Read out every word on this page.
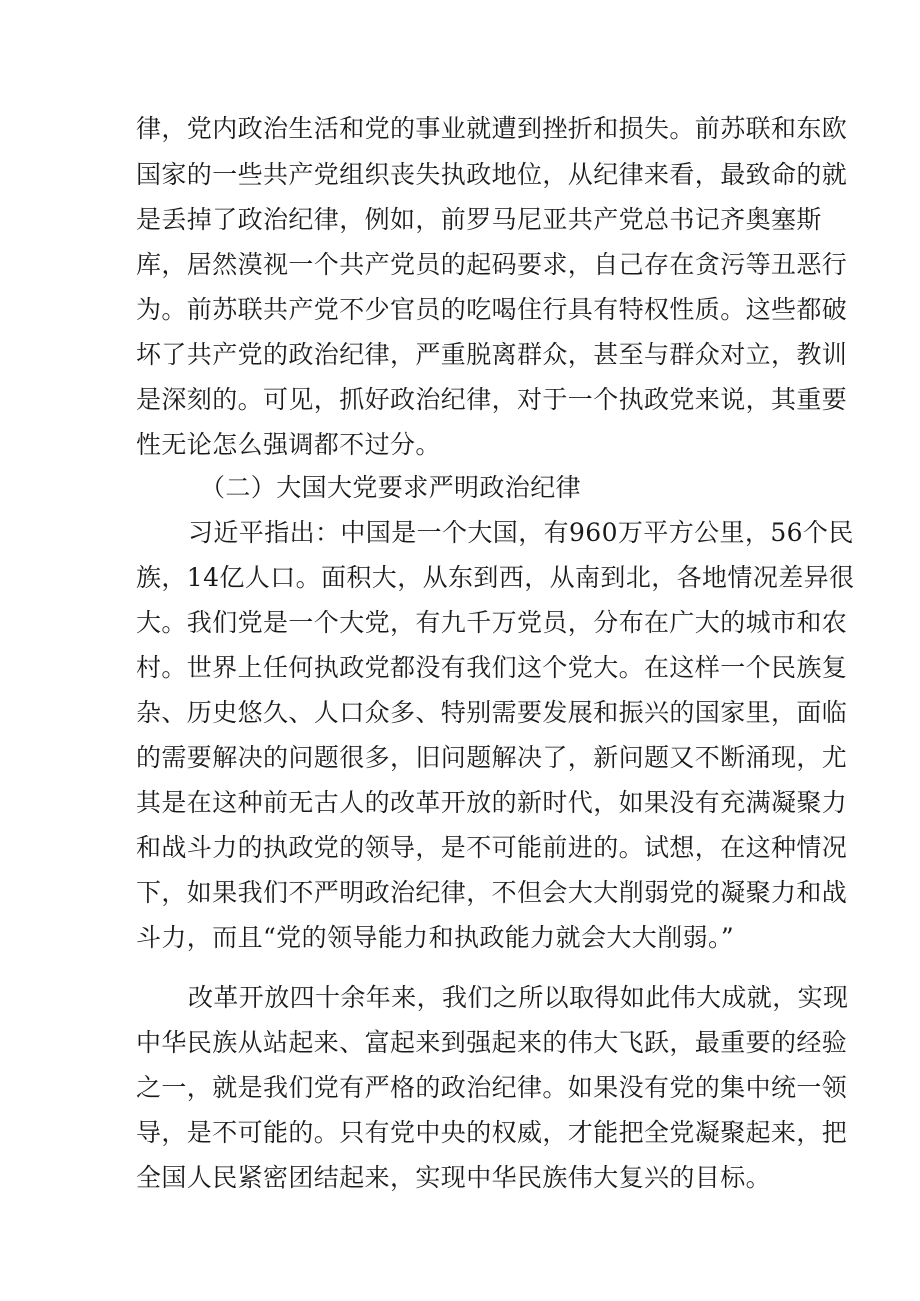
律，党内政治生活和党的事业就遭到挫折和损失。前苏联和东欧
国家的一些共产党组织丧失执政地位，从纪律来看，最致命的就
是丢掉了政治纪律，例如，前罗马尼亚共产党总书记齐奥塞斯
库，居然漠视一个共产党员的起码要求，自己存在贪污等丑恶行
为。前苏联共产党不少官员的吃喝住行具有特权性质。这些都破
坏了共产党的政治纪律，严重脱离群众，甚至与群众对立，教训
是深刻的。可见，抓好政治纪律，对于一个执政党来说，其重要
性无论怎么强调都不过分。
（二）大国大党要求严明政治纪律
习近平指出：中国是一个大国，有960万平方公里，56个民
族，14亿人口。面积大，从东到西，从南到北，各地情况差异很
大。我们党是一个大党，有九千万党员，分布在广大的城市和农
村。世界上任何执政党都没有我们这个党大。在这样一个民族复
杂、历史悠久、人口众多、特别需要发展和振兴的国家里，面临
的需要解决的问题很多，旧问题解决了，新问题又不断涌现，尤
其是在这种前无古人的改革开放的新时代，如果没有充满凝聚力
和战斗力的执政党的领导，是不可能前进的。试想，在这种情况
下，如果我们不严明政治纪律，不但会大大削弱党的凝聚力和战
斗力，而且“党的领导能力和执政能力就会大大削弱。”
改革开放四十余年来，我们之所以取得如此伟大成就，实现
中华民族从站起来、富起来到强起来的伟大飞跃，最重要的经验
之一，就是我们党有严格的政治纪律。如果没有党的集中统一领
导，是不可能的。只有党中央的权威，才能把全党凝聚起来，把
全国人民紧密团结起来，实现中华民族伟大复兴的目标。
